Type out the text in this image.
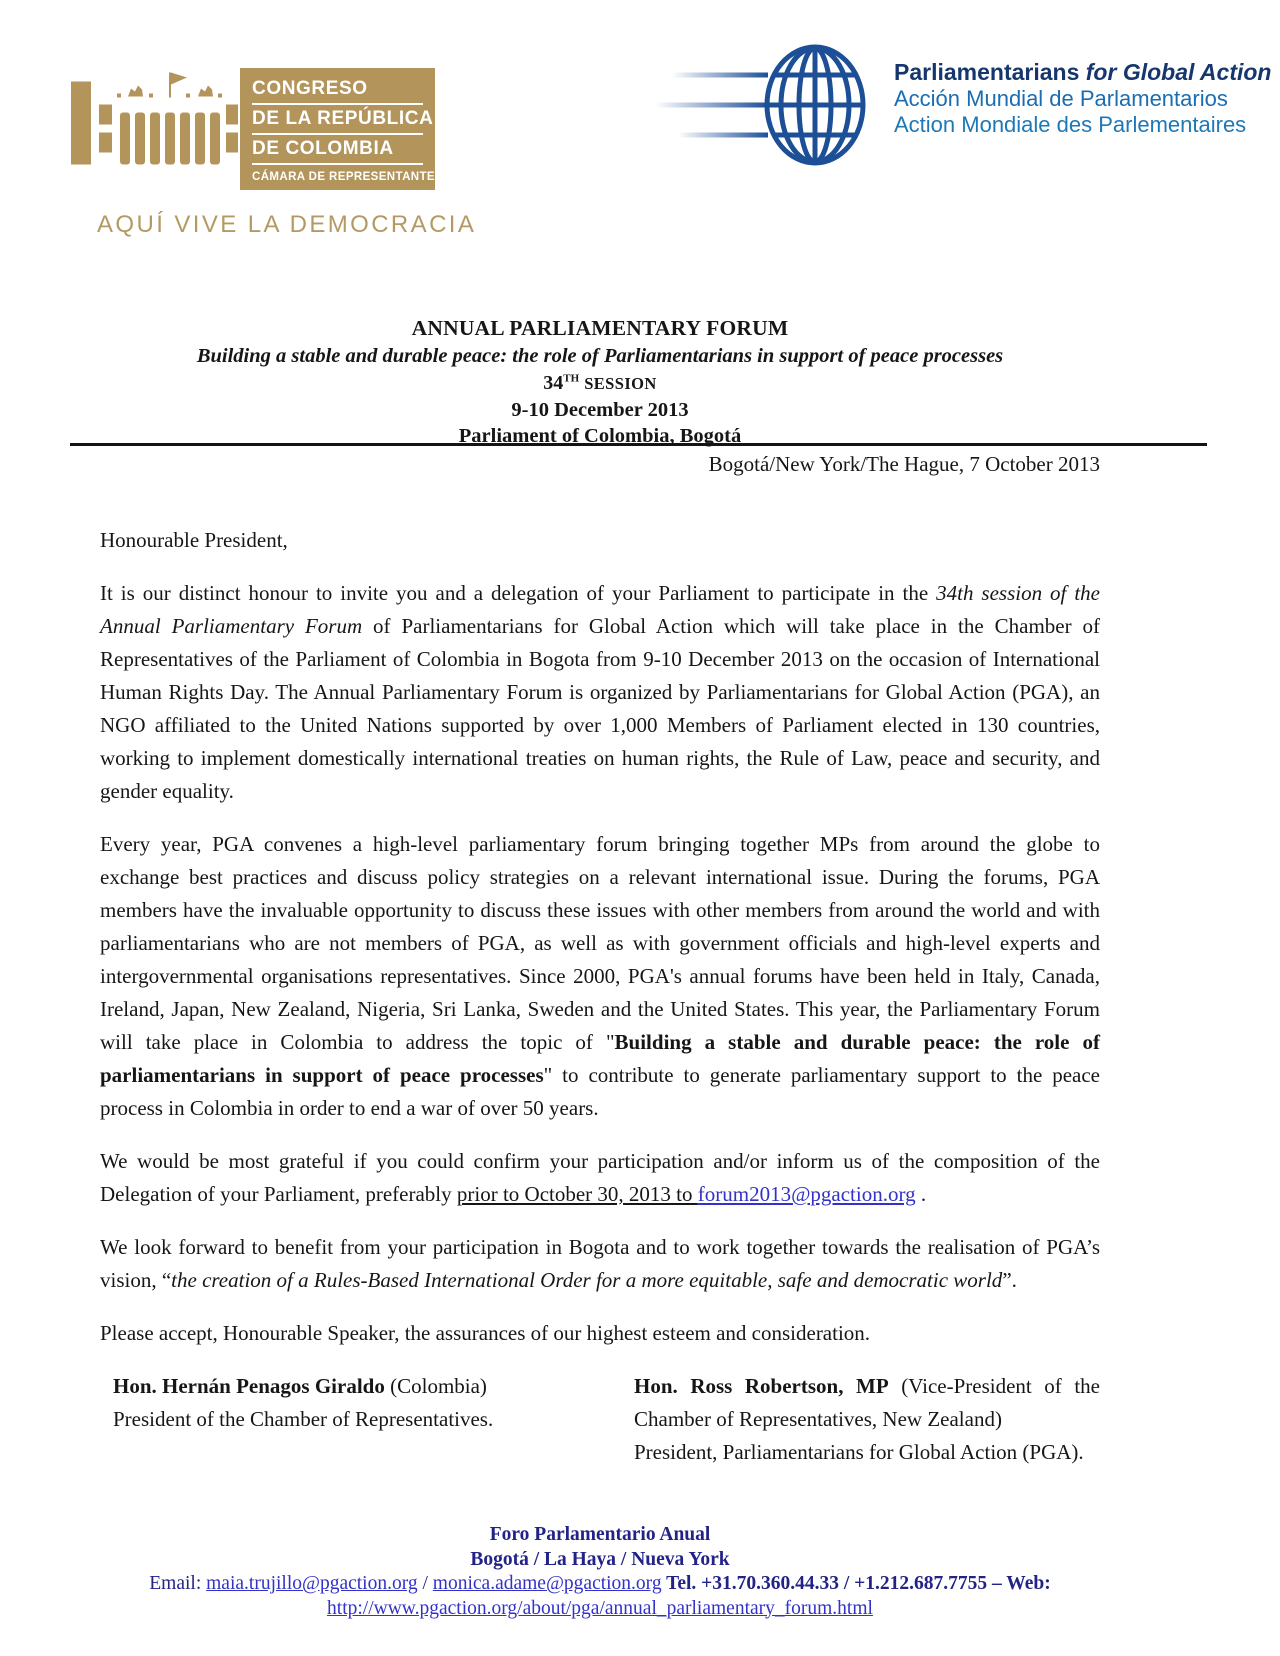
CONGRESO
DE LA REPÚBLICA
DE COLOMBIA
CÁMARA DE REPRESENTANTES
AQUÍ VIVE LA DEMOCRACIA
Parliamentarians for Global Action
Acción Mundial de Parlamentarios
Action Mondiale des Parlementaires
ANNUAL PARLIAMENTARY FORUM
Building a stable and durable peace: the role of Parliamentarians in support of peace processes
34TH SESSION
9-10 December 2013
Parliament of Colombia, Bogotá
Bogotá/New York/The Hague, 7 October 2013

Honourable President,

It is our distinct honour to invite you and a delegation of your Parliament to participate in the 34th session of the Annual Parliamentary Forum of Parliamentarians for Global Action which will take place in the Chamber of Representatives of the Parliament of Colombia in Bogota from 9-10 December 2013 on the occasion of International Human Rights Day. The Annual Parliamentary Forum is organized by Parliamentarians for Global Action (PGA), an NGO affiliated to the United Nations supported by over 1,000 Members of Parliament elected in 130 countries, working to implement domestically international treaties on human rights, the Rule of Law, peace and security, and gender equality.

Every year, PGA convenes a high-level parliamentary forum bringing together MPs from around the globe to exchange best practices and discuss policy strategies on a relevant international issue. During the forums, PGA members have the invaluable opportunity to discuss these issues with other members from around the world and with parliamentarians who are not members of PGA, as well as with government officials and high-level experts and intergovernmental organisations representatives. Since 2000, PGA's annual forums have been held in Italy, Canada, Ireland, Japan, New Zealand, Nigeria, Sri Lanka, Sweden and the United States. This year, the Parliamentary Forum will take place in Colombia to address the topic of "Building a stable and durable peace: the role of parliamentarians in support of peace processes" to contribute to generate parliamentary support to the peace process in Colombia in order to end a war of over 50 years.

We would be most grateful if you could confirm your participation and/or inform us of the composition of the Delegation of your Parliament, preferably prior to October 30, 2013 to forum2013@pgaction.org .

We look forward to benefit from your participation in Bogota and to work together towards the realisation of PGA’s vision, “the creation of a Rules-Based International Order for a more equitable, safe and democratic world”.

Please accept, Honourable Speaker, the assurances of our highest esteem and consideration.

Hon. Hernán Penagos Giraldo (Colombia)
President of the Chamber of Representatives.
Hon. Ross Robertson, MP (Vice-President of the Chamber of Representatives, New Zealand)
President, Parliamentarians for Global Action (PGA).
Foro Parlamentario Anual
Bogotá / La Haya / Nueva York
Email: maia.trujillo@pgaction.org / monica.adame@pgaction.org Tel. +31.70.360.44.33 / +1.212.687.7755 – Web:
http://www.pgaction.org/about/pga/annual_parliamentary_forum.html
